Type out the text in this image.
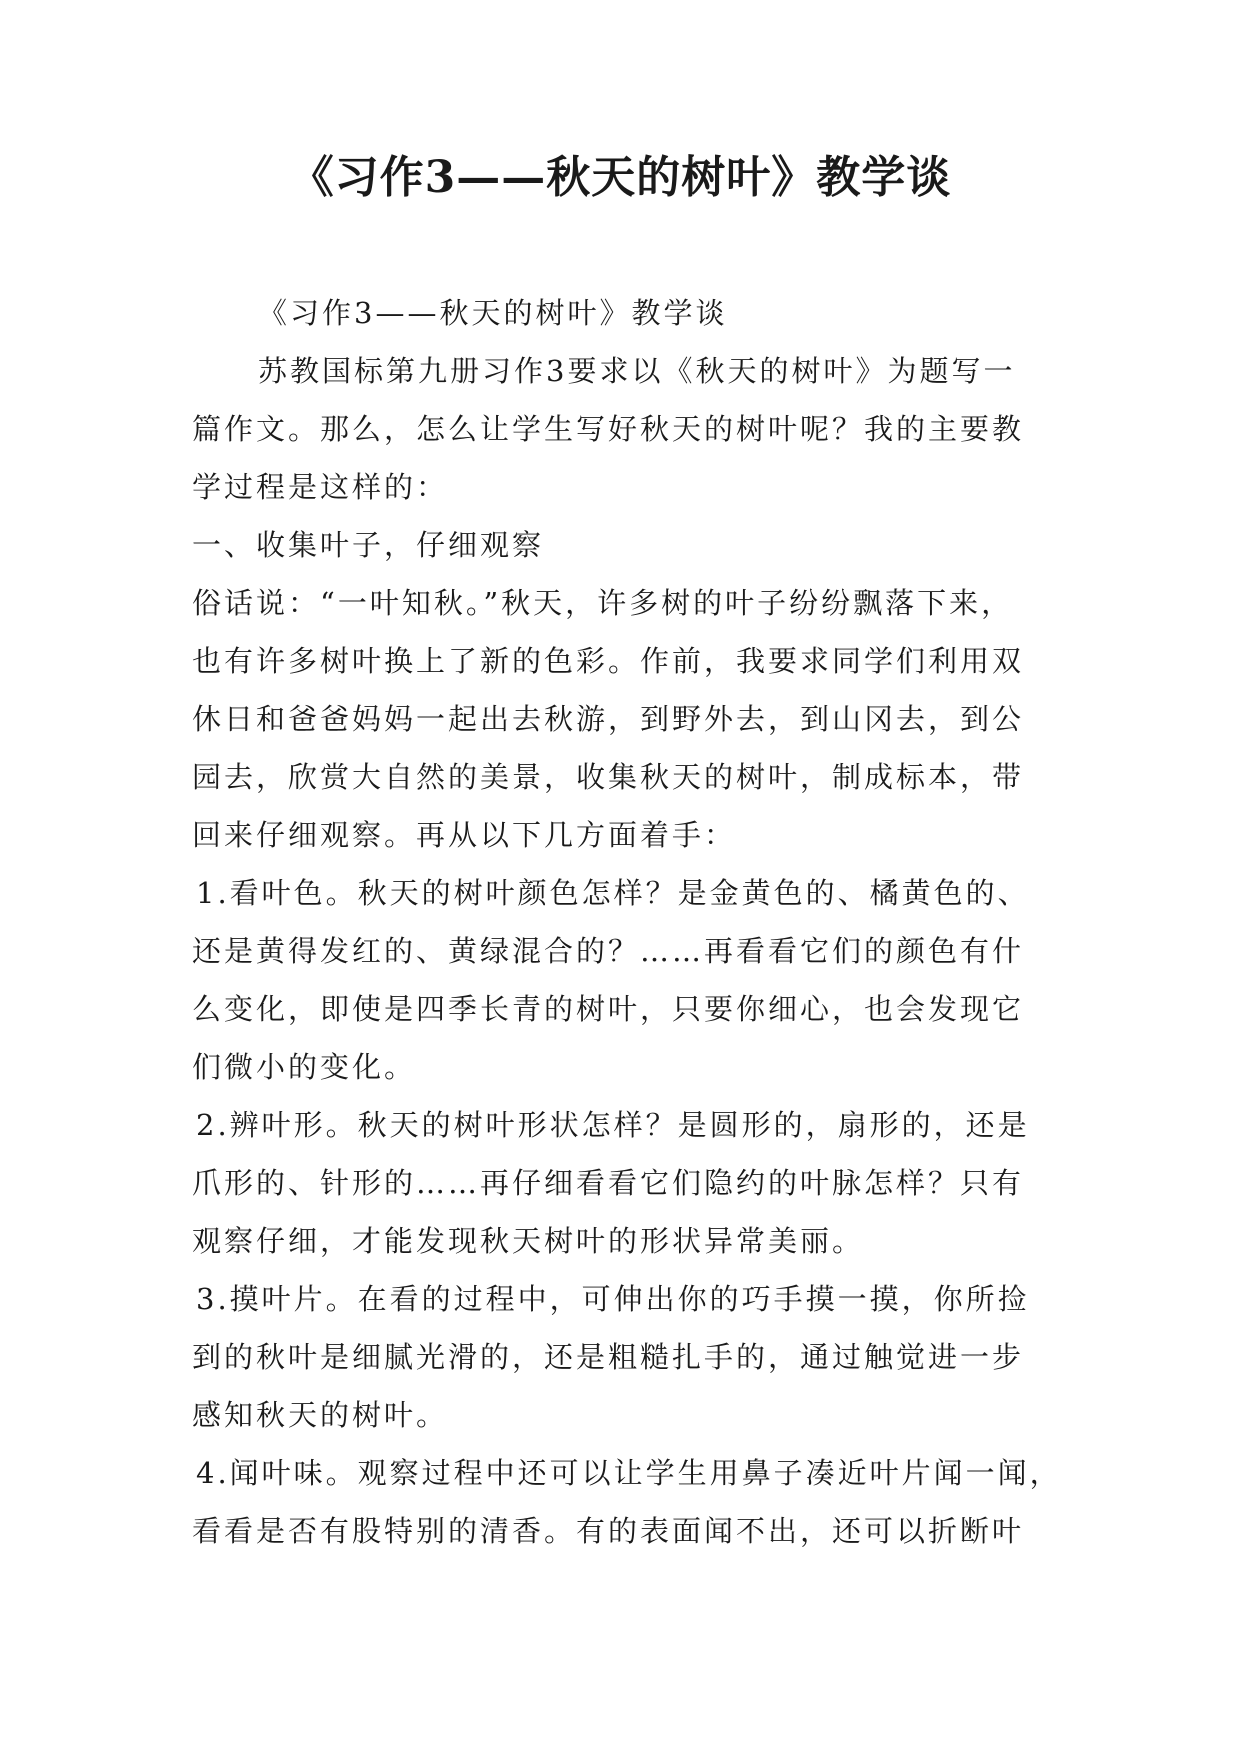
《习作3——秋天的树叶》教学谈

《习作3——秋天的树叶》教学谈

苏教国标第九册习作3要求以《秋天的树叶》为题写一

篇作文。那么，怎么让学生写好秋天的树叶呢？我的主要教

学过程是这样的：

一、收集叶子，仔细观察

俗话说：“一叶知秋。”秋天，许多树的叶子纷纷飘落下来，

也有许多树叶换上了新的色彩。作前，我要求同学们利用双

休日和爸爸妈妈一起出去秋游，到野外去，到山冈去，到公

园去，欣赏大自然的美景，收集秋天的树叶，制成标本，带

回来仔细观察。再从以下几方面着手：

1.看叶色。秋天的树叶颜色怎样？是金黄色的、橘黄色的、

还是黄得发红的、黄绿混合的？……再看看它们的颜色有什

么变化，即使是四季长青的树叶，只要你细心，也会发现它

们微小的变化。

2.辨叶形。秋天的树叶形状怎样？是圆形的，扇形的，还是

爪形的、针形的……再仔细看看它们隐约的叶脉怎样？只有

观察仔细，才能发现秋天树叶的形状异常美丽。

3.摸叶片。在看的过程中，可伸出你的巧手摸一摸，你所捡

到的秋叶是细腻光滑的，还是粗糙扎手的，通过触觉进一步

感知秋天的树叶。

4.闻叶味。观察过程中还可以让学生用鼻子凑近叶片闻一闻，

看看是否有股特别的清香。有的表面闻不出，还可以折断叶
